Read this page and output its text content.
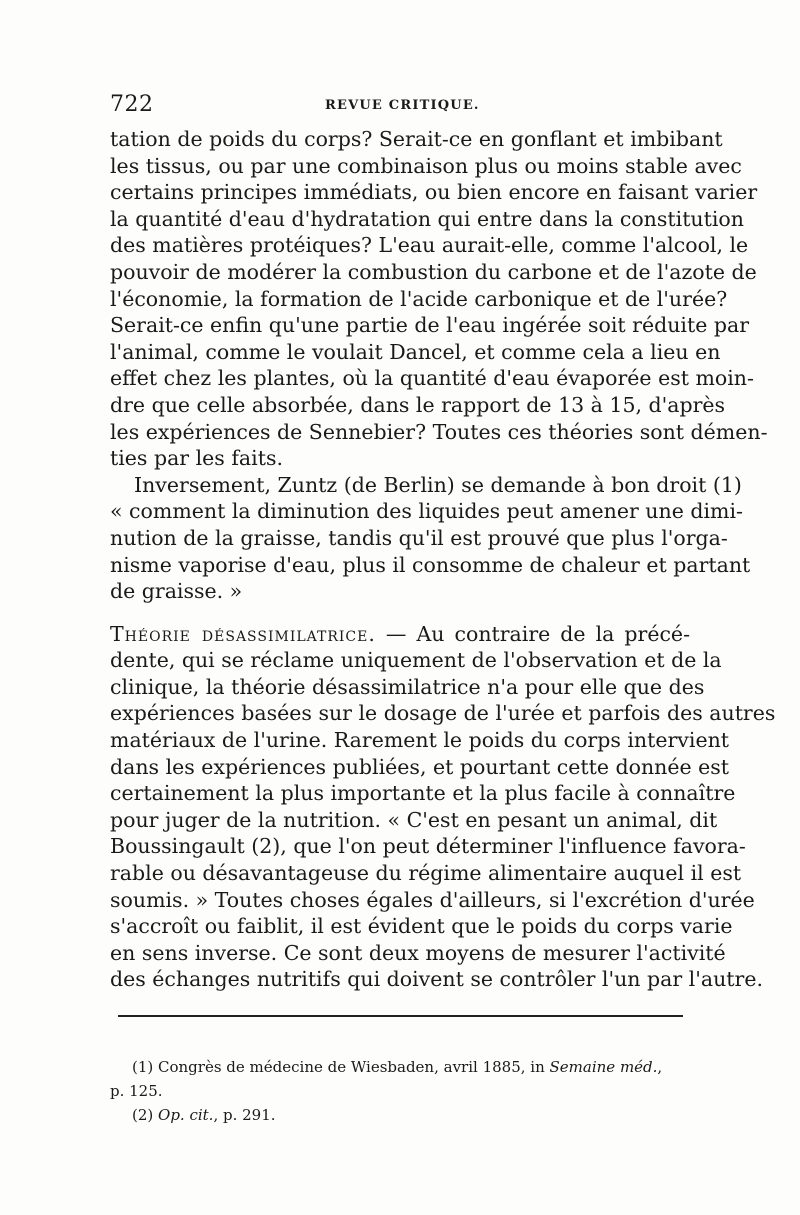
722	REVUE CRITIQUE.
tation de poids du corps? Serait-ce en gonflant et imbibant
les tissus, ou par une combinaison plus ou moins stable avec
certains principes immédiats, ou bien encore en faisant varier
la quantité d'eau d'hydratation qui entre dans la constitution
des matières protéiques? L'eau aurait-elle, comme l'alcool, le
pouvoir de modérer la combustion du carbone et de l'azote de
l'économie, la formation de l'acide carbonique et de l'urée?
Serait-ce enfin qu'une partie de l'eau ingérée soit réduite par
l'animal, comme le voulait Dancel, et comme cela a lieu en
effet chez les plantes, où la quantité d'eau évaporée est moin-
dre que celle absorbée, dans le rapport de 13 à 15, d'après
les expériences de Sennebier? Toutes ces théories sont démen-
ties par les faits.
Inversement, Zuntz (de Berlin) se demande à bon droit (1)
« comment la diminution des liquides peut amener une dimi-
nution de la graisse, tandis qu'il est prouvé que plus l'orga-
nisme vaporise d'eau, plus il consomme de chaleur et partant
de graisse. »
Théorie désassimilatrice. — Au contraire de la précé-
dente, qui se réclame uniquement de l'observation et de la
clinique, la théorie désassimilatrice n'a pour elle que des
expériences basées sur le dosage de l'urée et parfois des autres
matériaux de l'urine. Rarement le poids du corps intervient
dans les expériences publiées, et pourtant cette donnée est
certainement la plus importante et la plus facile à connaître
pour juger de la nutrition. « C'est en pesant un animal, dit
Boussingault (2), que l'on peut déterminer l'influence favora-
rable ou désavantageuse du régime alimentaire auquel il est
soumis. » Toutes choses égales d'ailleurs, si l'excrétion d'urée
s'accroît ou faiblit, il est évident que le poids du corps varie
en sens inverse. Ce sont deux moyens de mesurer l'activité
des échanges nutritifs qui doivent se contrôler l'un par l'autre.
(1) Congrès de médecine de Wiesbaden, avril 1885, in Semaine méd.,
p. 125.
(2) Op. cit., p. 291.
